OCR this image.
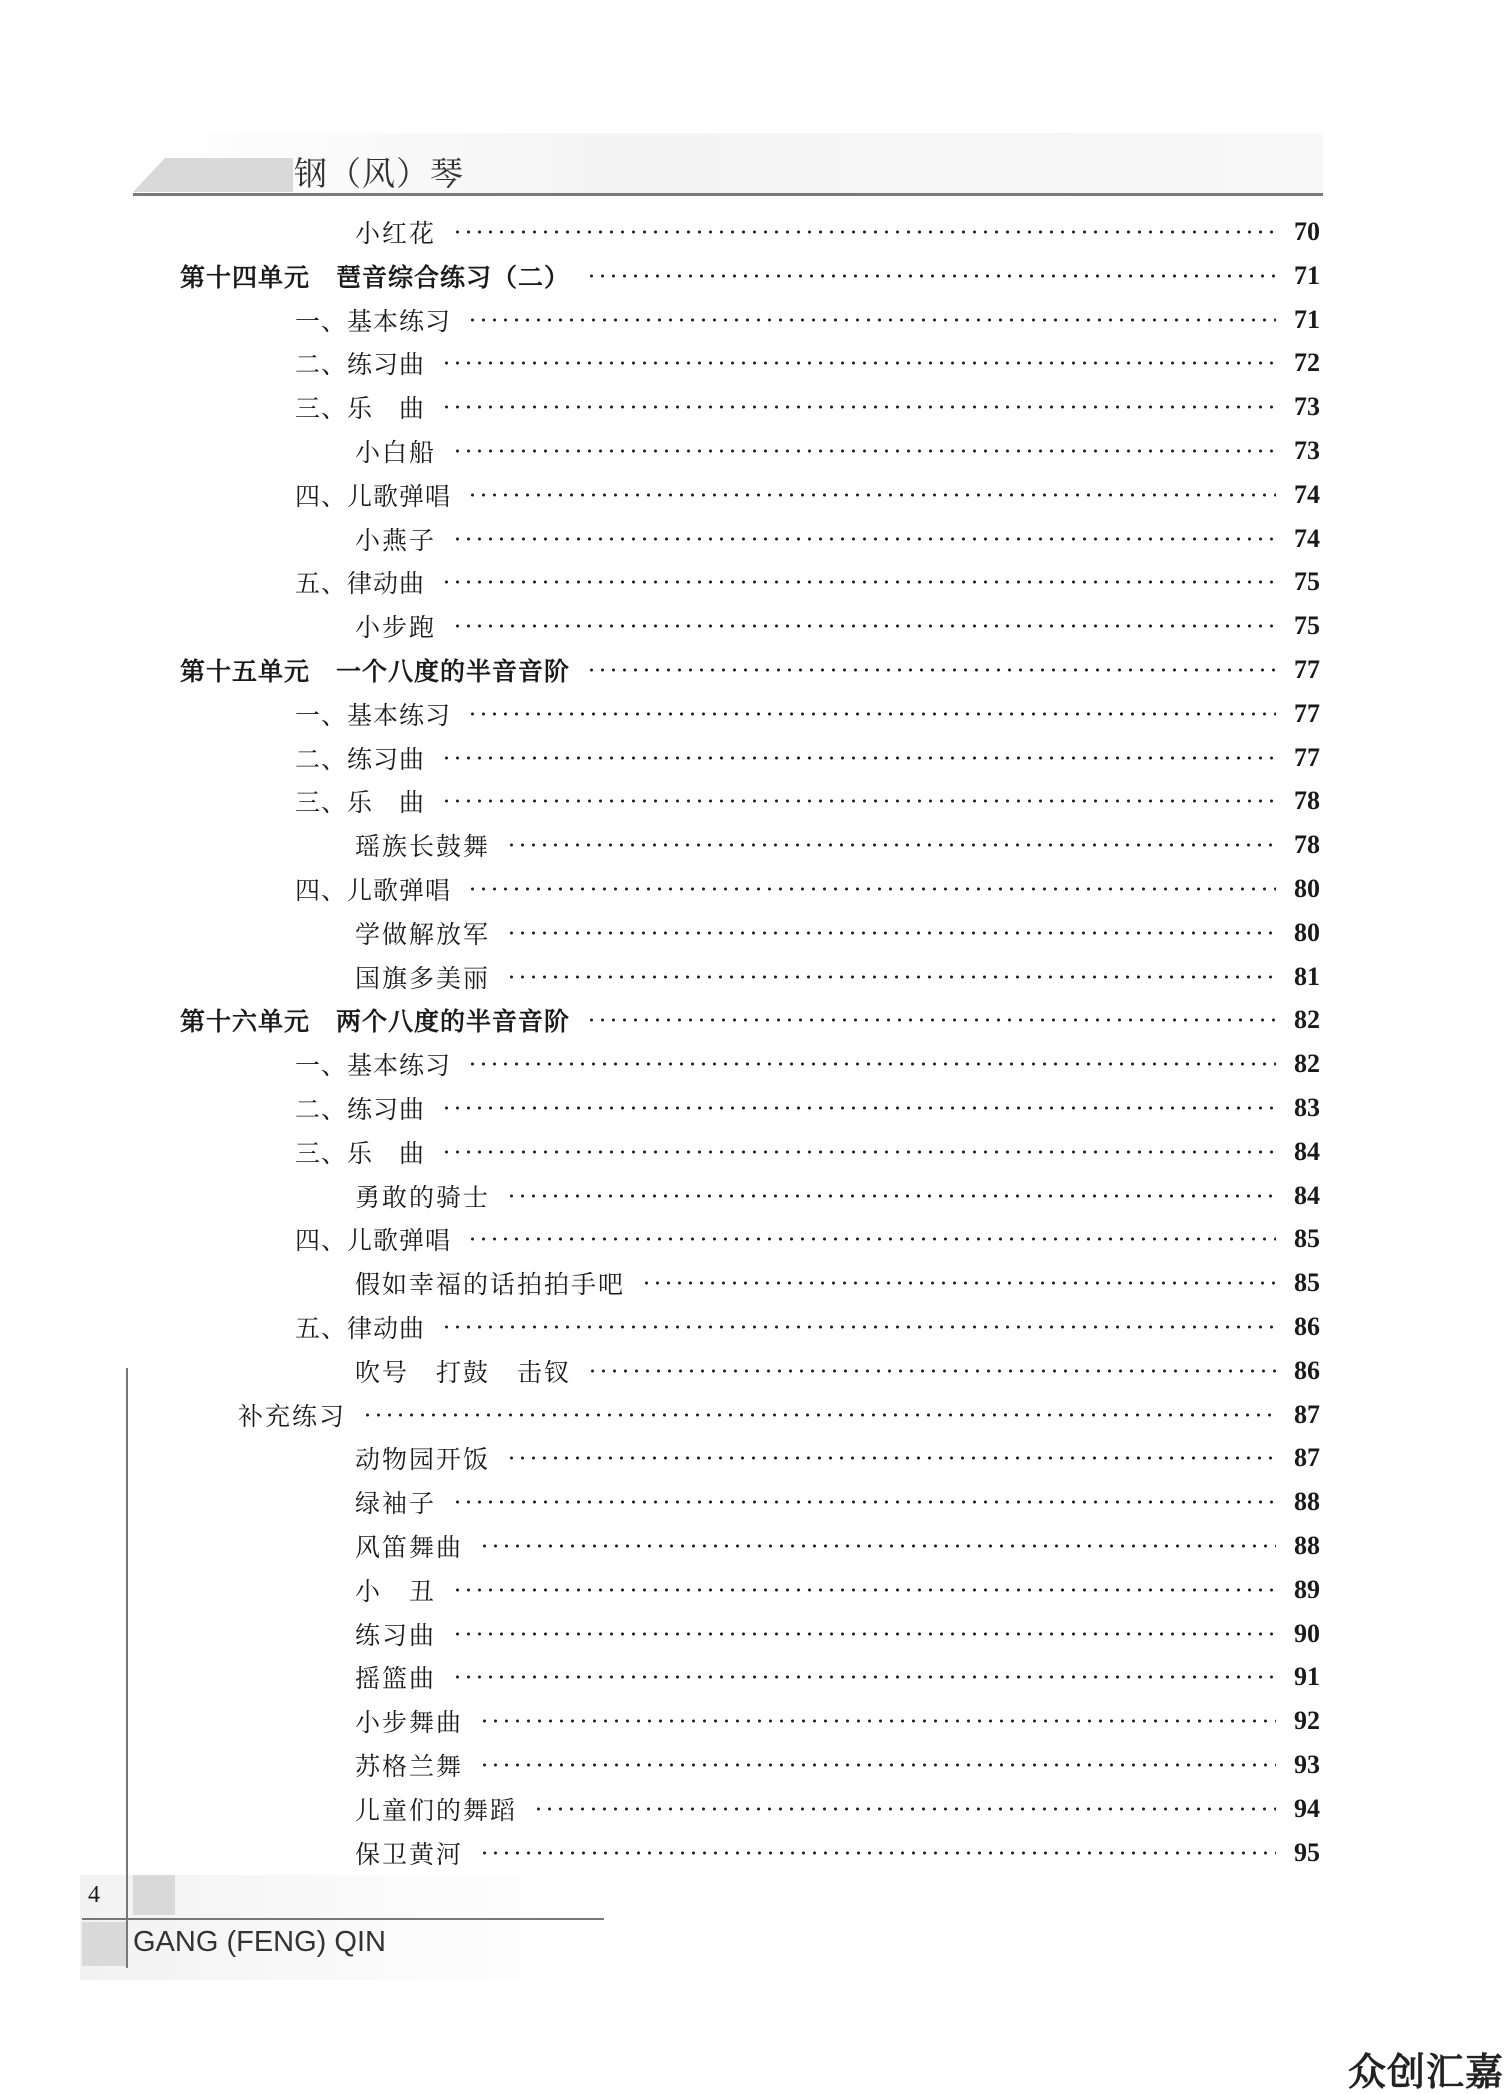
钢（风）琴
小红花	70
第十四单元　琶音综合练习（二）	71
一、基本练习	71
二、练习曲	72
三、乐　曲	73
小白船	73
四、儿歌弹唱	74
小燕子	74
五、律动曲	75
小步跑	75
第十五单元　一个八度的半音音阶	77
一、基本练习	77
二、练习曲	77
三、乐　曲	78
瑶族长鼓舞	78
四、儿歌弹唱	80
学做解放军	80
国旗多美丽	81
第十六单元　两个八度的半音音阶	82
一、基本练习	82
二、练习曲	83
三、乐　曲	84
勇敢的骑士	84
四、儿歌弹唱	85
假如幸福的话拍拍手吧	85
五、律动曲	86
吹号　打鼓　击钗	86
补充练习	87
动物园开饭	87
绿袖子	88
风笛舞曲	88
小　丑	89
练习曲	90
摇篮曲	91
小步舞曲	92
苏格兰舞	93
儿童们的舞蹈	94
保卫黄河	95
4
GANG (FENG) QIN
众创汇嘉
